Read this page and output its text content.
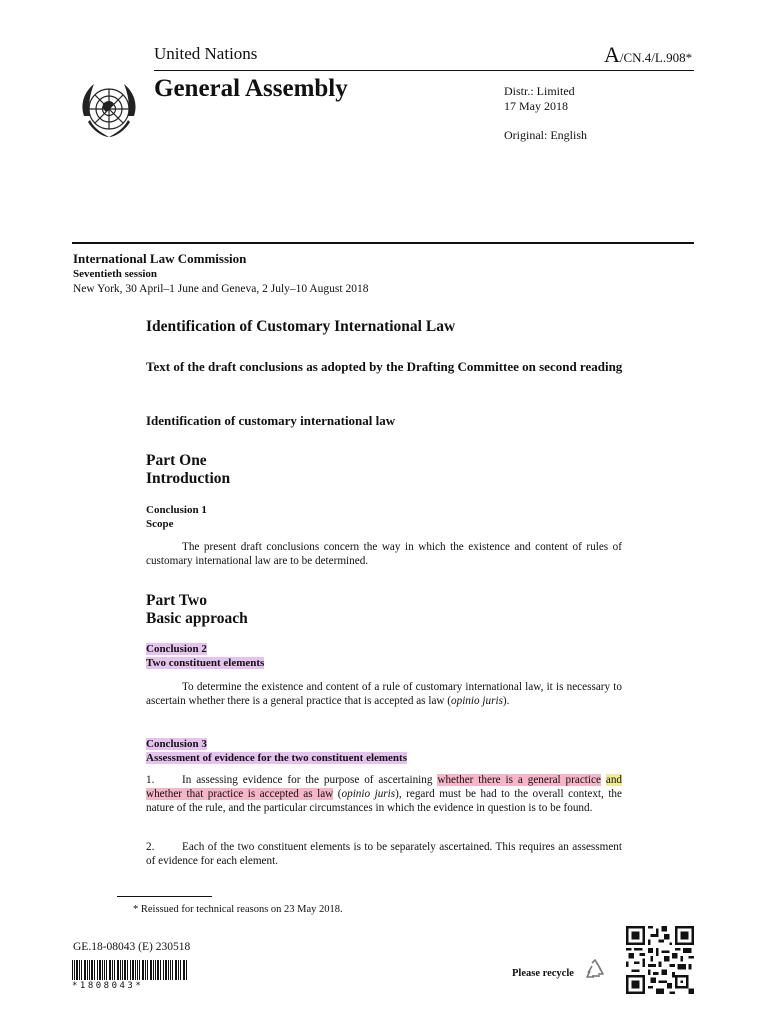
United Nations	A/CN.4/L.908*
General Assembly	Distr.: Limited
17 May 2018
Original: English
International Law Commission
Seventieth session
New York, 30 April–1 June and Geneva, 2 July–10 August 2018
Identification of Customary International Law
Text of the draft conclusions as adopted by the Drafting Committee on second reading
Identification of customary international law
Part One
Introduction
Conclusion 1
Scope
The present draft conclusions concern the way in which the existence and content of rules of customary international law are to be determined.
Part Two
Basic approach
Conclusion 2
Two constituent elements
To determine the existence and content of a rule of customary international law, it is necessary to ascertain whether there is a general practice that is accepted as law (opinio juris).
Conclusion 3
Assessment of evidence for the two constituent elements
1. In assessing evidence for the purpose of ascertaining whether there is a general practice and whether that practice is accepted as law (opinio juris), regard must be had to the overall context, the nature of the rule, and the particular circumstances in which the evidence in question is to be found.
2. Each of the two constituent elements is to be separately ascertained. This requires an assessment of evidence for each element.
* Reissued for technical reasons on 23 May 2018.
GE.18-08043 (E) 230518
*1808043*
Please recycle
